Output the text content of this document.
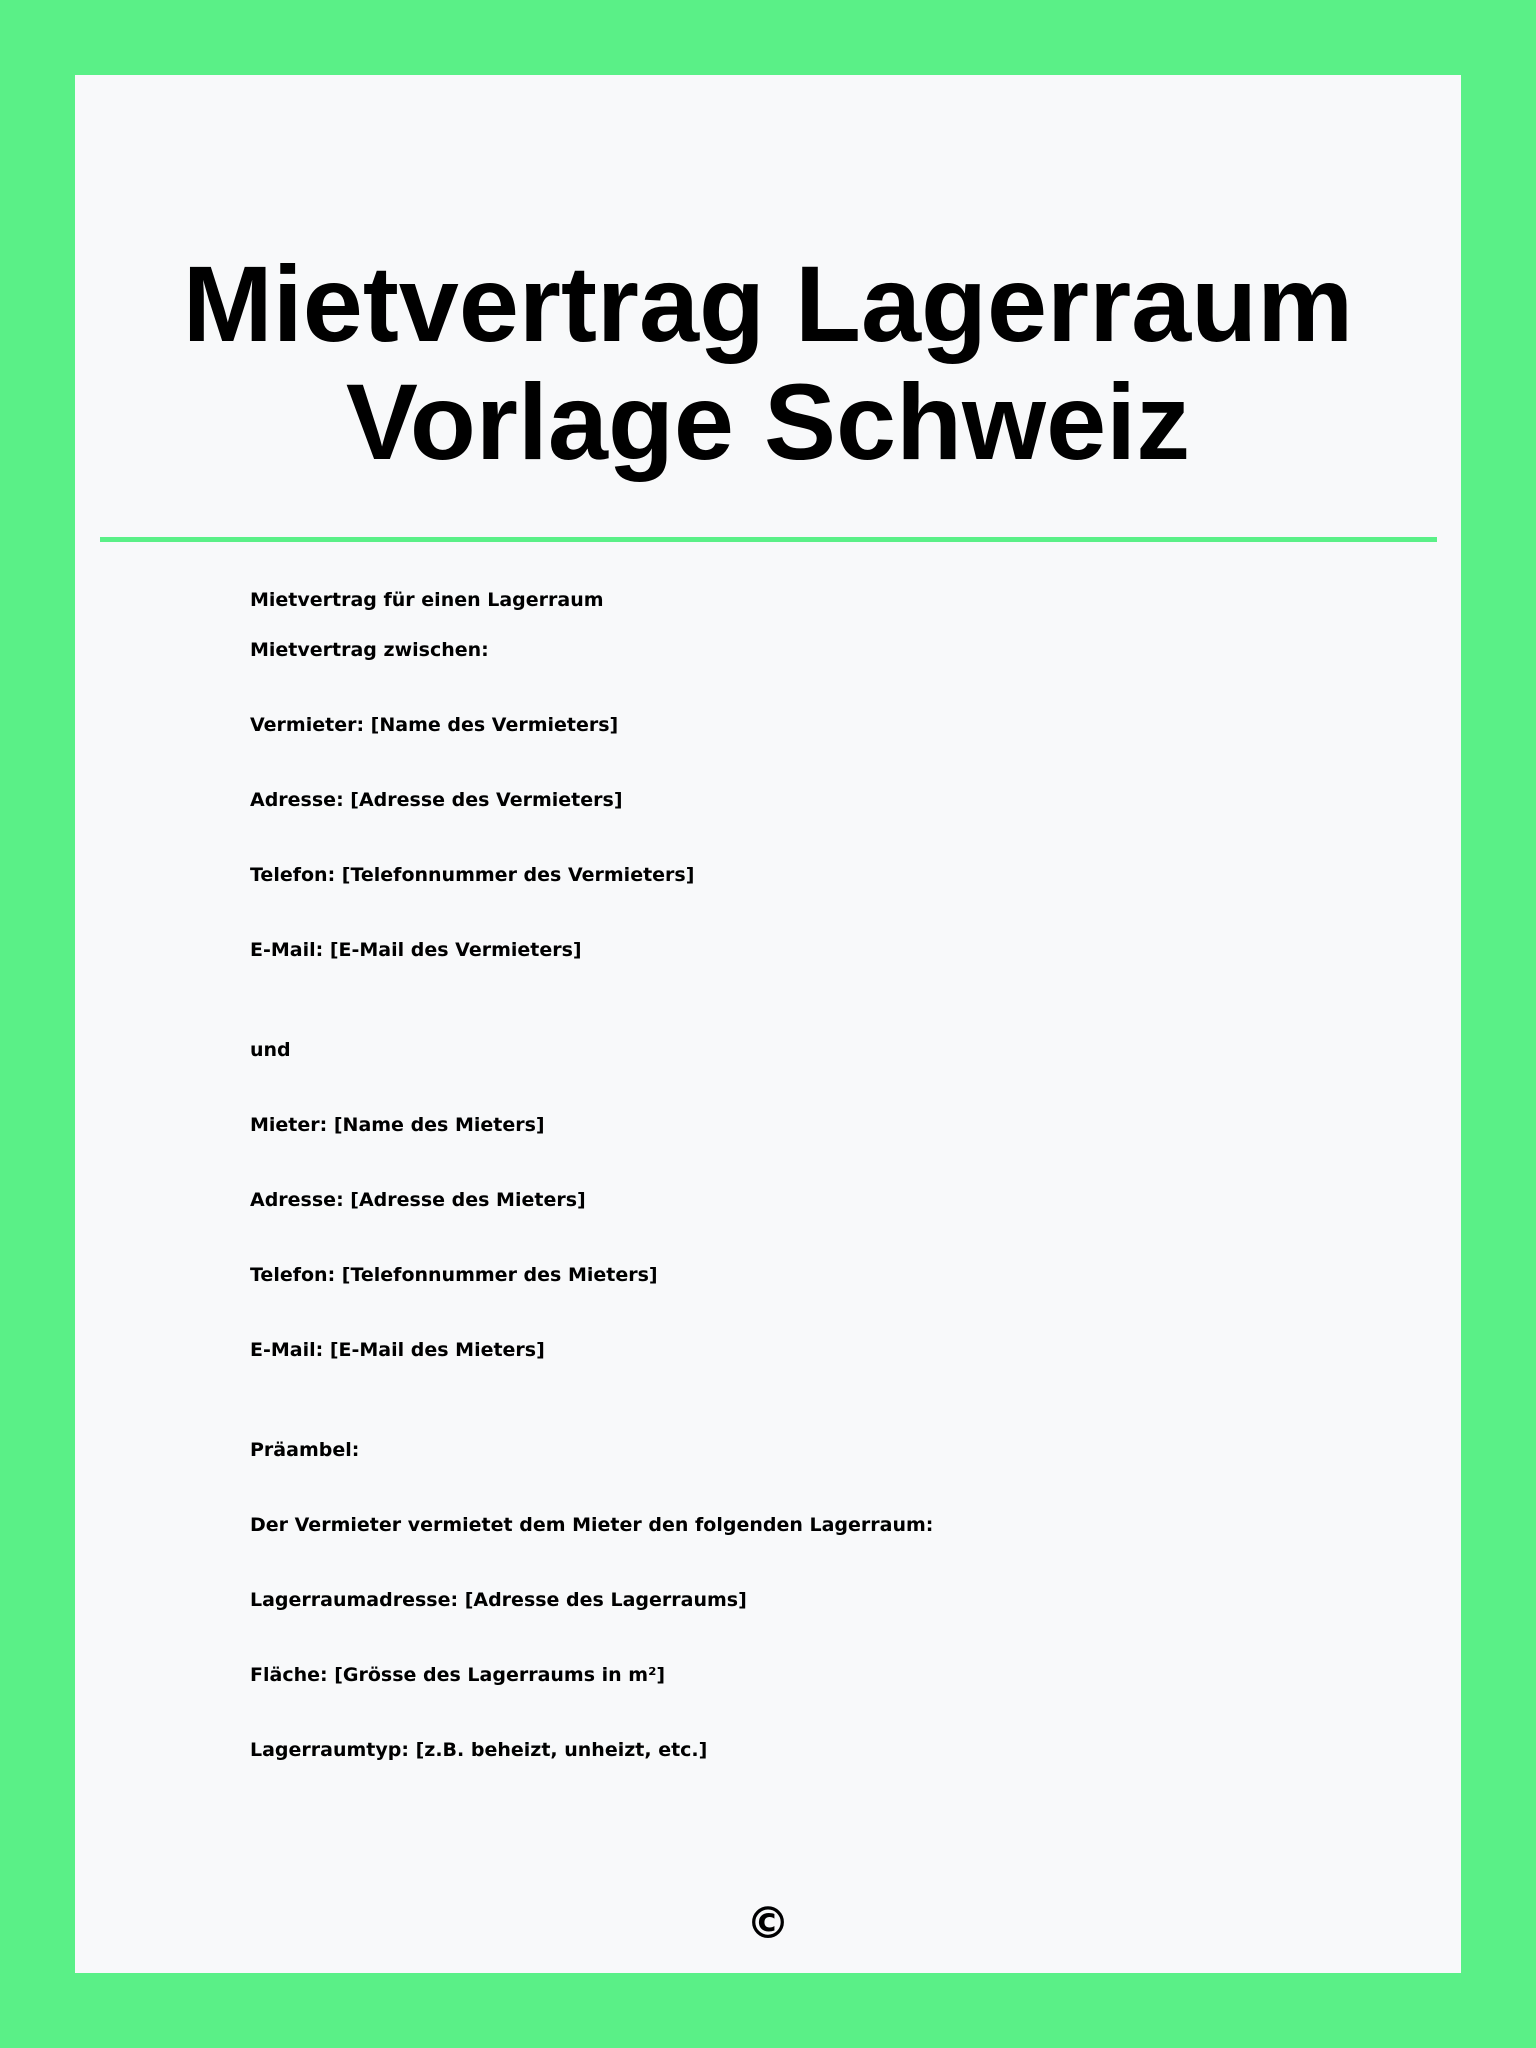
Mietvertrag Lagerraum
Vorlage Schweiz

Mietvertrag für einen Lagerraum

Mietvertrag zwischen:

Vermieter: [Name des Vermieters]

Adresse: [Adresse des Vermieters]

Telefon: [Telefonnummer des Vermieters]

E-Mail: [E-Mail des Vermieters]

und

Mieter: [Name des Mieters]

Adresse: [Adresse des Mieters]

Telefon: [Telefonnummer des Mieters]

E-Mail: [E-Mail des Mieters]

Präambel:

Der Vermieter vermietet dem Mieter den folgenden Lagerraum:

Lagerraumadresse: [Adresse des Lagerraums]

Fläche: [Grösse des Lagerraums in m²]

Lagerraumtyp: [z.B. beheizt, unheizt, etc.]

©
